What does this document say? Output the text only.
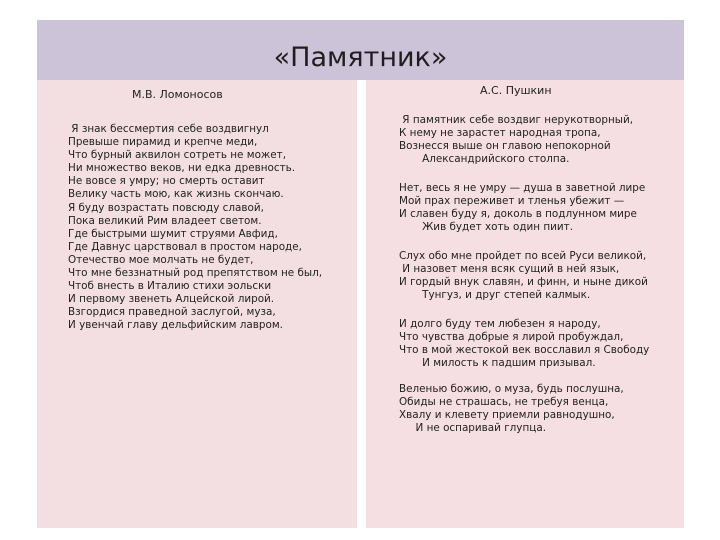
«Памятник»
М.В. Ломоносов
Я знак бессмертия себе воздвигнул
Превыше пирамид и крепче меди,
Что бурный аквилон сотреть не может,
Ни множество веков, ни едка древность.
Не вовсе я умру; но смерть оставит
Велику часть мою, как жизнь скончаю.
Я буду возрастать повсюду славой,
Пока великий Рим владеет светом.
Где быстрыми шумит струями Авфид,
Где Давнус царствовал в простом народе,
Отечество мое молчать не будет,
Что мне беззнатный род препятством не был,
Чтоб внесть в Италию стихи эольски
И первому звенеть Алцейской лирой.
Взгордися праведной заслугой, муза,
И увенчай главу дельфийским лавром.
А.С. Пушкин
Я памятник себе воздвиг нерукотворный,
К нему не зарастет народная тропа,
Вознесся выше он главою непокорной
Александрийского столпа.
Нет, весь я не умру — душа в заветной лире
Мой прах переживет и тленья убежит —
И славен буду я, доколь в подлунном мире
Жив будет хоть один пиит.
Слух обо мне пройдет по всей Руси великой,
И назовет меня всяк сущий в ней язык,
И гордый внук славян, и финн, и ныне дикой
Тунгуз, и друг степей калмык.
И долго буду тем любезен я народу,
Что чувства добрые я лирой пробуждал,
Что в мой жестокой век восславил я Свободу
И милость к падшим призывал.
Веленью божию, о муза, будь послушна,
Обиды не страшась, не требуя венца,
Хвалу и клевету приемли равнодушно,
И не оспаривай глупца.
